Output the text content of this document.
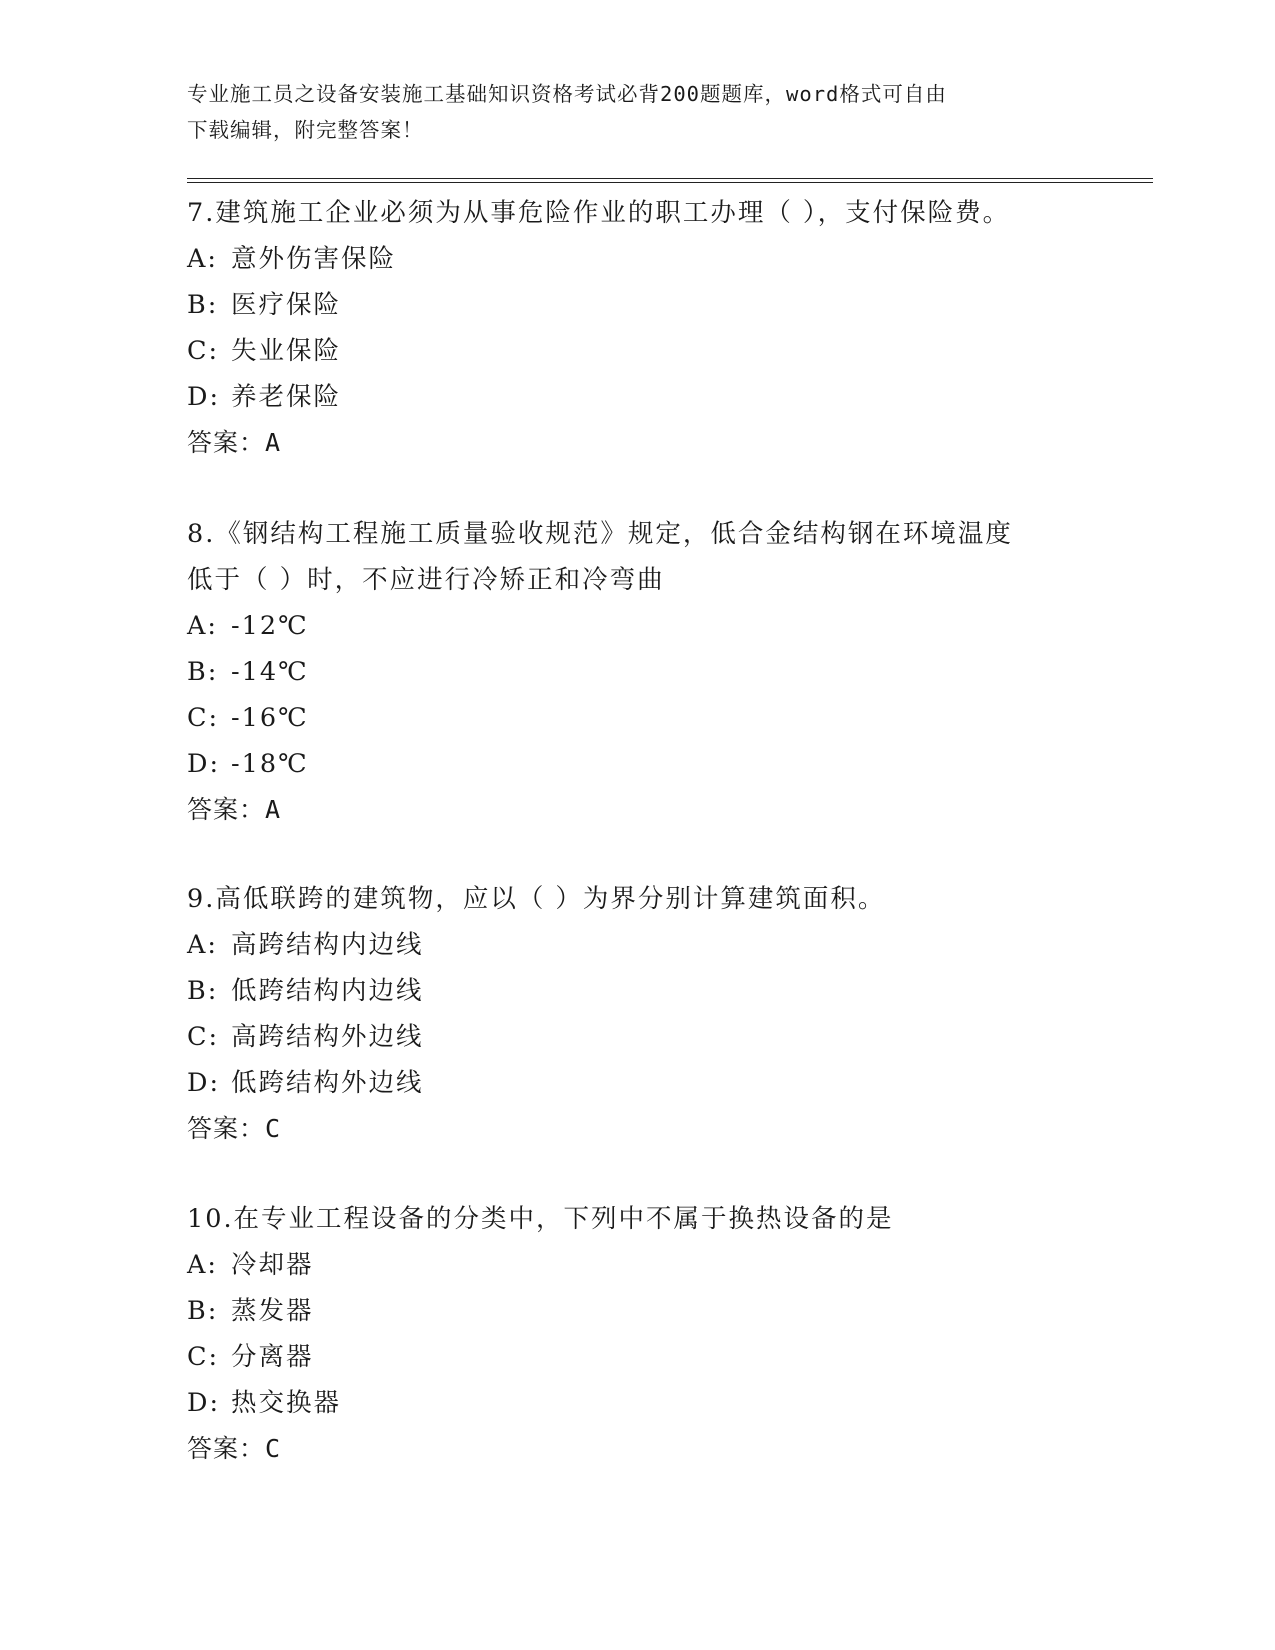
专业施工员之设备安装施工基础知识资格考试必背200题题库，word格式可自由
下载编辑，附完整答案！
7.建筑施工企业必须为从事危险作业的职工办理（ ），支付保险费。
A: 意外伤害保险
B: 医疗保险
C: 失业保险
D: 养老保险
答案：A
8.《钢结构工程施工质量验收规范》规定，低合金结构钢在环境温度
低于（ ）时，不应进行冷矫正和冷弯曲
A: -12℃
B: -14℃
C: -16℃
D: -18℃
答案：A
9.高低联跨的建筑物，应以（ ）为界分别计算建筑面积。
A: 高跨结构内边线
B: 低跨结构内边线
C: 高跨结构外边线
D: 低跨结构外边线
答案：C
10.在专业工程设备的分类中，下列中不属于换热设备的是
A: 冷却器
B: 蒸发器
C: 分离器
D: 热交换器
答案：C
